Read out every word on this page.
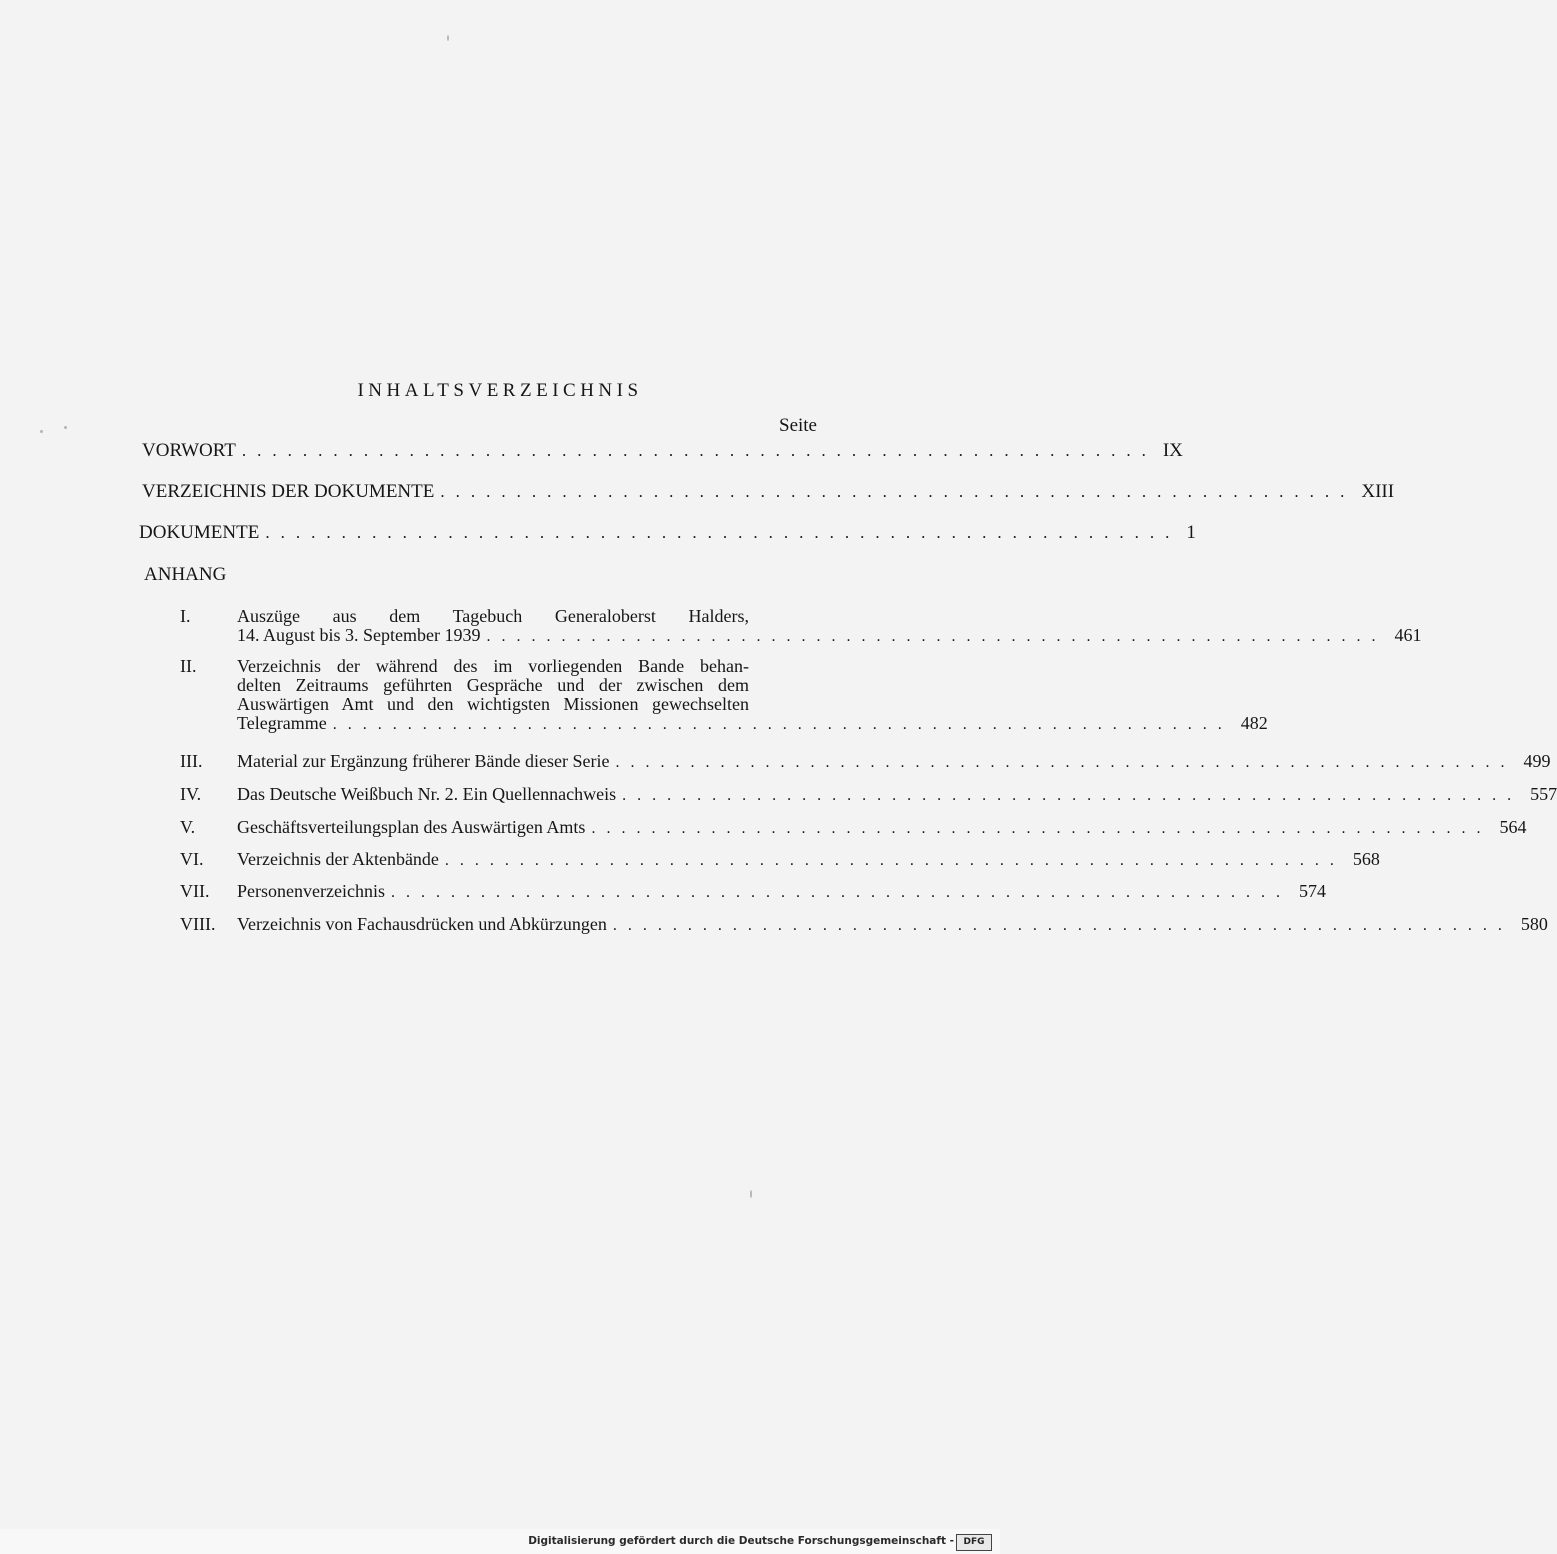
INHALTSVERZEICHNIS
Seite
VORWORT ............................................................ IX
VERZEICHNIS DER DOKUMENTE ............................................................ XIII
DOKUMENTE ............................................................ 1
ANHANG
I.	Auszüge aus dem Tagebuch Generaloberst Halders,
14. August bis 3. September 1939 ............................................................ 461
II.	Verzeichnis der während des im vorliegenden Bande behan-
delten Zeitraums geführten Gespräche und der zwischen dem
Auswärtigen Amt und den wichtigsten Missionen gewechselten
Telegramme ............................................................ 482
III.	Material zur Ergänzung früherer Bände dieser Serie ............................................................ 499
IV.	Das Deutsche Weißbuch Nr. 2. Ein Quellennachweis ............................................................ 557
V.	Geschäftsverteilungsplan des Auswärtigen Amts ............................................................ 564
VI.	Verzeichnis der Aktenbände ............................................................ 568
VII.	Personenverzeichnis ............................................................ 574
VIII.	Verzeichnis von Fachausdrücken und Abkürzungen ............................................................ 580
Digitalisierung gefördert durch die Deutsche Forschungsgemeinschaft -	DFG
